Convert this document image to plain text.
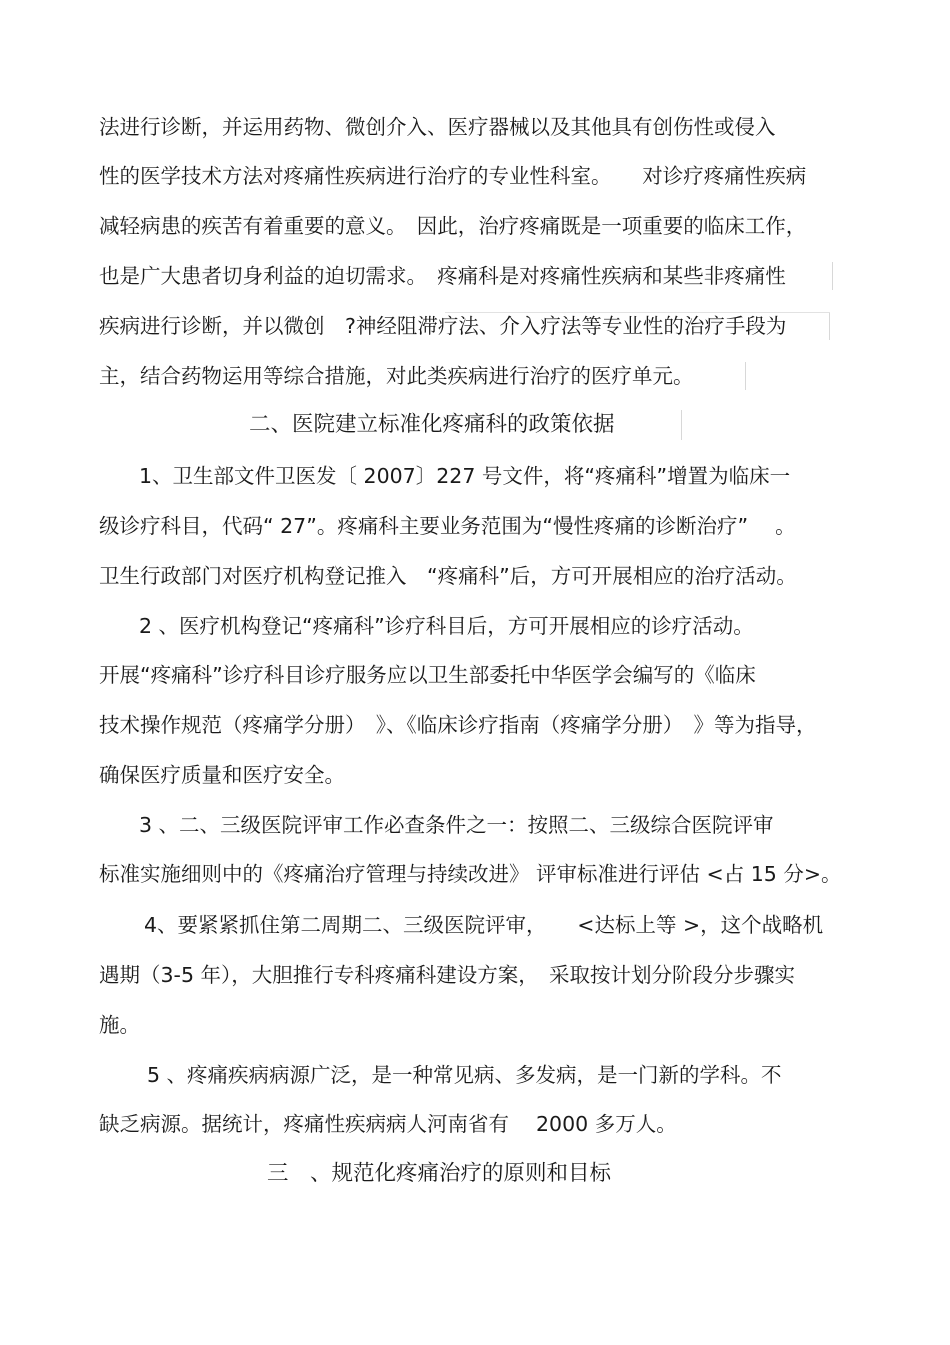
法进行诊断，并运用药物、微创介入、医疗器械以及其他具有创伤性或侵入
性的医学技术方法对疼痛性疾病进行治疗的专业性科室。　　对诊疗疼痛性疾病
减轻病患的疾苦有着重要的意义。　因此，治疗疼痛既是一项重要的临床工作，
也是广大患者切身利益的迫切需求。　疼痛科是对疼痛性疾病和某些非疼痛性
疾病进行诊断，并以微创　?神经阻滞疗法、介入疗法等专业性的治疗手段为
主，结合药物运用等综合措施，对此类疾病进行治疗的医疗单元。
二、医院建立标准化疼痛科的政策依据
1、卫生部文件卫医发〔 2007〕227 号文件，将“疼痛科”增置为临床一
级诊疗科目，代码“ 27”。疼痛科主要业务范围为“慢性疼痛的诊断治疗”　 。
卫生行政部门对医疗机构登记推入　“疼痛科”后，方可开展相应的治疗活动。
2 、医疗机构登记“疼痛科”诊疗科目后，方可开展相应的诊疗活动。
开展“疼痛科”诊疗科目诊疗服务应以卫生部委托中华医学会编写的《临床
技术操作规范（疼痛学分册）　》、《临床诊疗指南（疼痛学分册）　》等为指导，
确保医疗质量和医疗安全。
3 、二、三级医院评审工作必查条件之一：按照二、三级综合医院评审
标准实施细则中的《疼痛治疗管理与持续改进》 评审标准进行评估 <占 15 分>。
4、要紧紧抓住第二周期二、三级医院评审，　　<达标上等 >，这个战略机
遇期（3-5 年），大胆推行专科疼痛科建设方案，　采取按计划分阶段分步骤实
施。
5 、疼痛疾病病源广泛，是一种常见病、多发病，是一门新的学科。不
缺乏病源。据统计，疼痛性疾病病人河南省有　 2000 多万人。
三　、规范化疼痛治疗的原则和目标
